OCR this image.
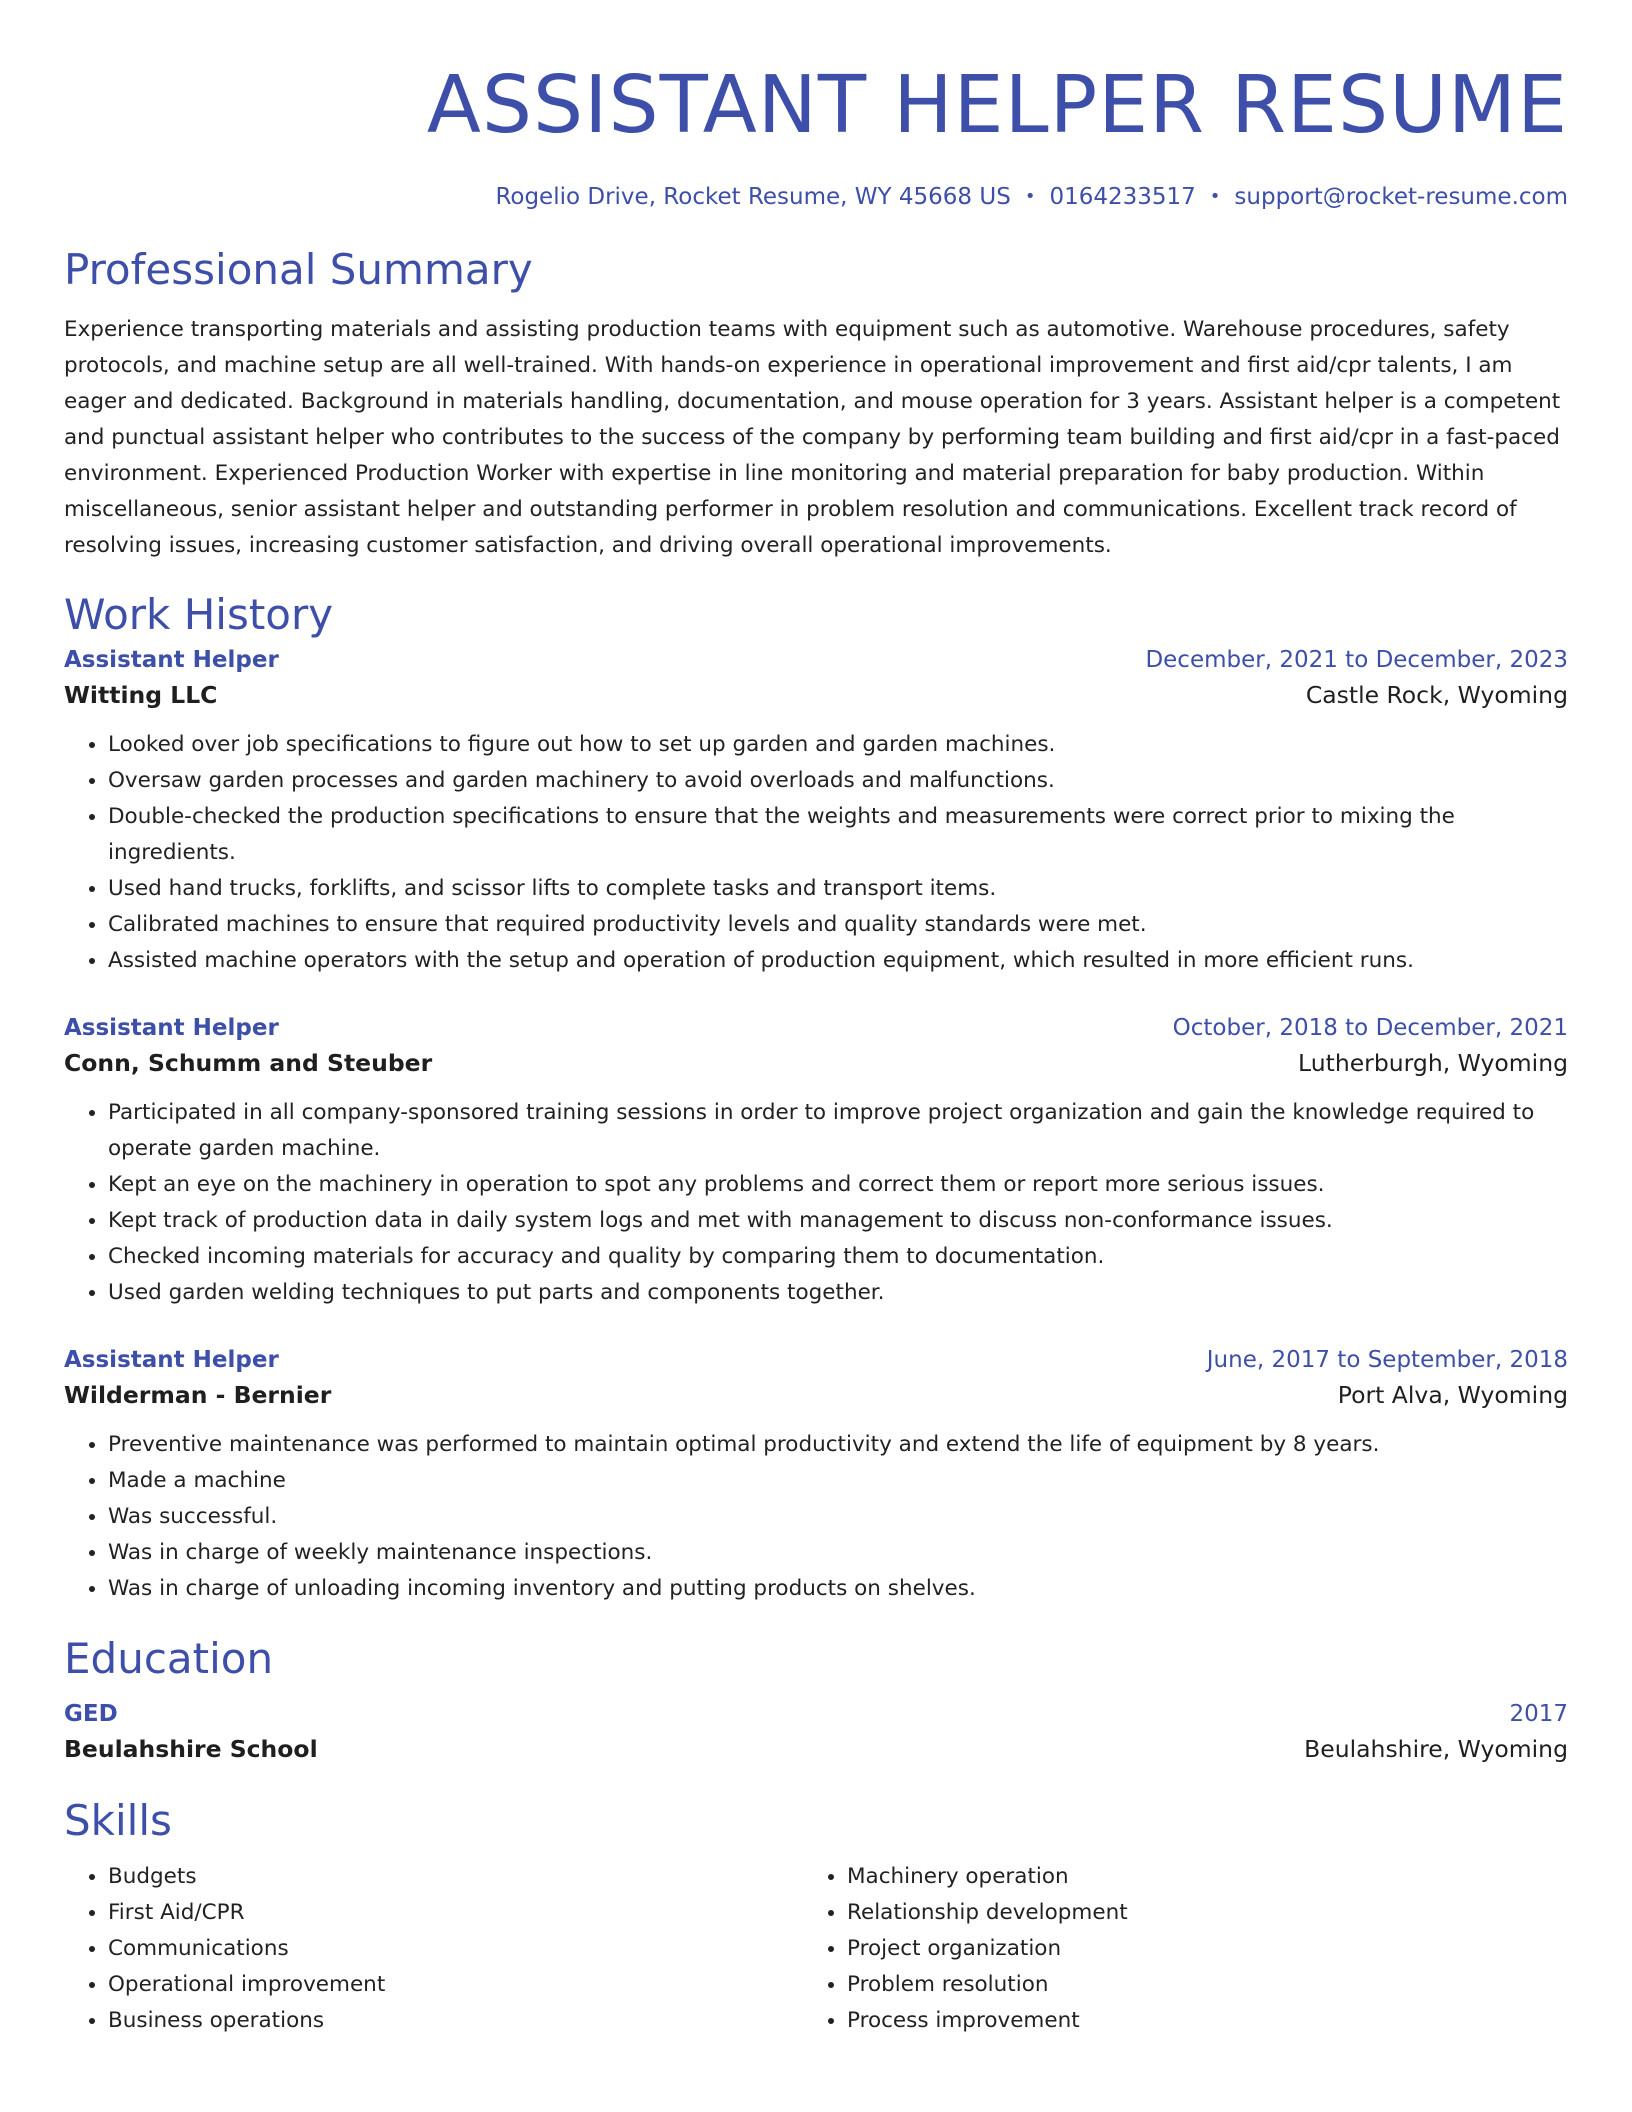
ASSISTANT HELPER RESUME
Rogelio Drive, Rocket Resume, WY 45668 US • 0164233517 • support@rocket-resume.com
Professional Summary

Experience transporting materials and assisting production teams with equipment such as automotive. Warehouse procedures, safety protocols, and machine setup are all well-trained. With hands-on experience in operational improvement and first aid/cpr talents, I am eager and dedicated. Background in materials handling, documentation, and mouse operation for 3 years. Assistant helper is a competent and punctual assistant helper who contributes to the success of the company by performing team building and first aid/cpr in a fast-paced environment. Experienced Production Worker with expertise in line monitoring and material preparation for baby production. Within miscellaneous, senior assistant helper and outstanding performer in problem resolution and communications. Excellent track record of resolving issues, increasing customer satisfaction, and driving overall operational improvements.

Work History
Assistant Helper	December, 2021 to December, 2023
Witting LLC	Castle Rock, Wyoming
• Looked over job specifications to figure out how to set up garden and garden machines.
• Oversaw garden processes and garden machinery to avoid overloads and malfunctions.
• Double-checked the production specifications to ensure that the weights and measurements were correct prior to mixing the ingredients.
• Used hand trucks, forklifts, and scissor lifts to complete tasks and transport items.
• Calibrated machines to ensure that required productivity levels and quality standards were met.
• Assisted machine operators with the setup and operation of production equipment, which resulted in more efficient runs.
Assistant Helper	October, 2018 to December, 2021
Conn, Schumm and Steuber	Lutherburgh, Wyoming
• Participated in all company-sponsored training sessions in order to improve project organization and gain the knowledge required to operate garden machine.
• Kept an eye on the machinery in operation to spot any problems and correct them or report more serious issues.
• Kept track of production data in daily system logs and met with management to discuss non-conformance issues.
• Checked incoming materials for accuracy and quality by comparing them to documentation.
• Used garden welding techniques to put parts and components together.
Assistant Helper	June, 2017 to September, 2018
Wilderman - Bernier	Port Alva, Wyoming
• Preventive maintenance was performed to maintain optimal productivity and extend the life of equipment by 8 years.
• Made a machine
• Was successful.
• Was in charge of weekly maintenance inspections.
• Was in charge of unloading incoming inventory and putting products on shelves.
Education
GED	2017
Beulahshire School	Beulahshire, Wyoming
Skills
• Budgets
• First Aid/CPR
• Communications
• Operational improvement
• Business operations
• Machinery operation
• Relationship development
• Project organization
• Problem resolution
• Process improvement
